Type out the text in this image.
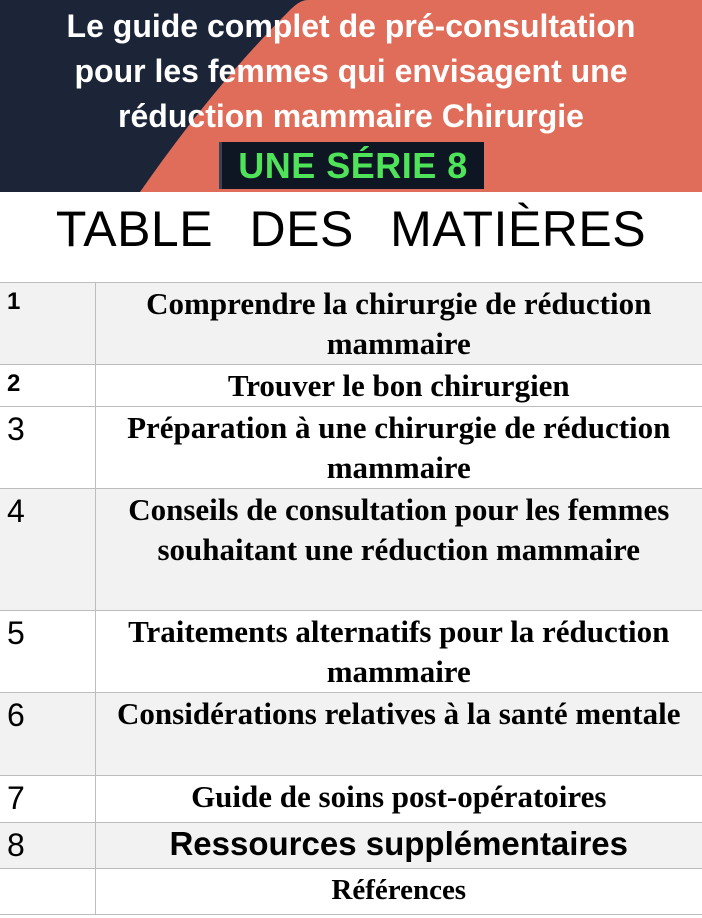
Le guide complet de pré-consultation
pour les femmes qui envisagent une
réduction mammaire Chirurgie
UNE SÉRIE 8
TABLE DES MATIÈRES
1	Comprendre la chirurgie de réduction mammaire
2	Trouver le bon chirurgien
3	Préparation à une chirurgie de réduction mammaire
4	Conseils de consultation pour les femmes souhaitant une réduction mammaire
5	Traitements alternatifs pour la réduction mammaire
6	Considérations relatives à la santé mentale
7	Guide de soins post-opératoires
8	Ressources supplémentaires
	Références
